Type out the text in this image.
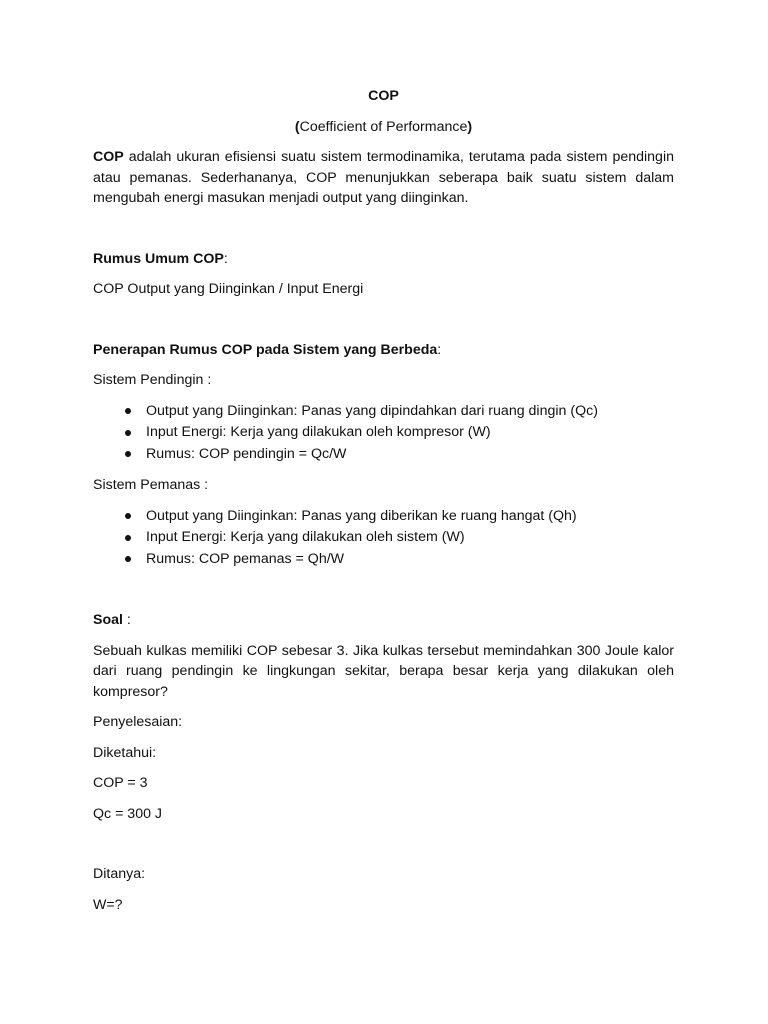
COP

(Coefficient of Performance)

COP adalah ukuran efisiensi suatu sistem termodinamika, terutama pada sistem pendingin atau pemanas. Sederhananya, COP menunjukkan seberapa baik suatu sistem dalam mengubah energi masukan menjadi output yang diinginkan.

Rumus Umum COP:

COP Output yang Diinginkan / Input Energi

Penerapan Rumus COP pada Sistem yang Berbeda:

Sistem Pendingin :

Output yang Diinginkan: Panas yang dipindahkan dari ruang dingin (Qc)
Input Energi: Kerja yang dilakukan oleh kompresor (W)
Rumus: COP pendingin = Qc/W

Sistem Pemanas :

Output yang Diinginkan: Panas yang diberikan ke ruang hangat (Qh)
Input Energi: Kerja yang dilakukan oleh sistem (W)
Rumus: COP pemanas = Qh/W

Soal :

Sebuah kulkas memiliki COP sebesar 3. Jika kulkas tersebut memindahkan 300 Joule kalor dari ruang pendingin ke lingkungan sekitar, berapa besar kerja yang dilakukan oleh kompresor?

Penyelesaian:

Diketahui:

COP = 3

Qc = 300 J

Ditanya:

W=?
